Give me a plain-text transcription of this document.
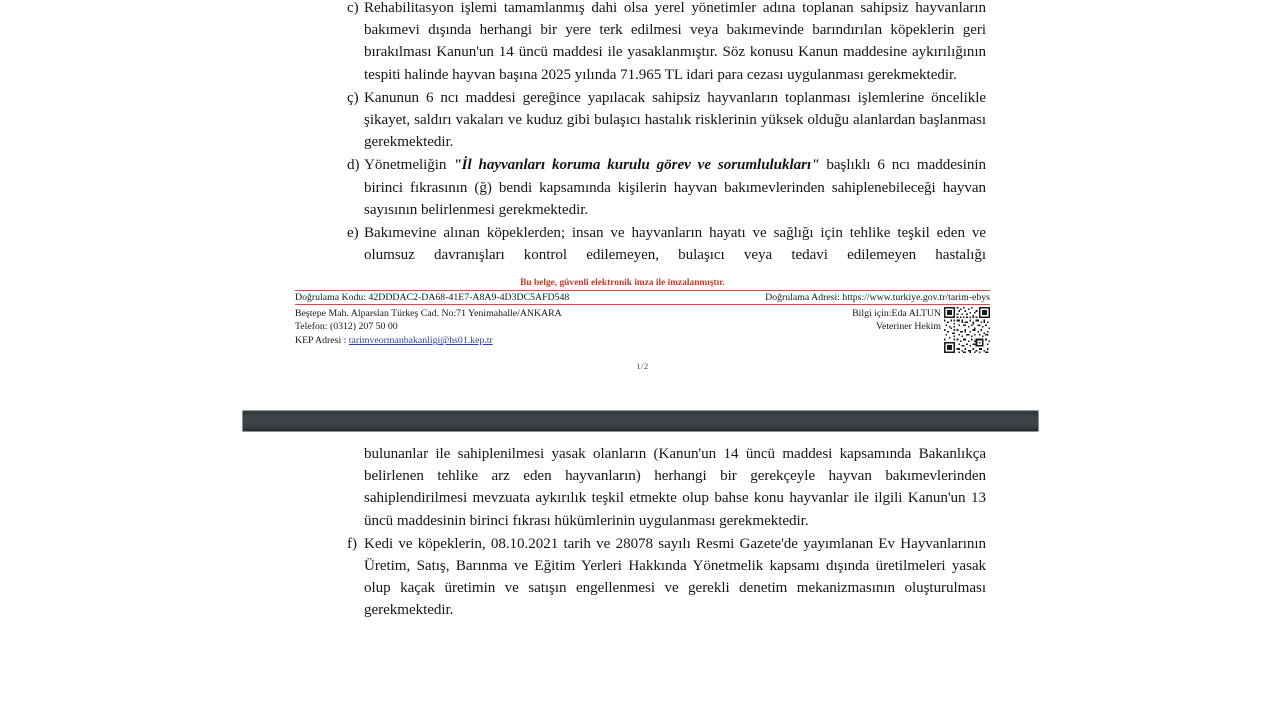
c) Rehabilitasyon işlemi tamamlanmış dahi olsa yerel yönetimler adına toplanan sahipsiz hayvanların bakımevi dışında herhangi bir yere terk edilmesi veya bakımevinde barındırılan köpeklerin geri bırakılması Kanun'un 14 üncü maddesi ile yasaklanmıştır. Söz konusu Kanun maddesine aykırılığının tespiti halinde hayvan başına 2025 yılında 71.965 TL idari para cezası uygulanması gerekmektedir.
ç) Kanunun 6 ncı maddesi gereğince yapılacak sahipsiz hayvanların toplanması işlemlerine öncelikle şikayet, saldırı vakaları ve kuduz gibi bulaşıcı hastalık risklerinin yüksek olduğu alanlardan başlanması gerekmektedir.
d) Yönetmeliğin "İl hayvanları koruma kurulu görev ve sorumlulukları" başlıklı 6 ncı maddesinin birinci fıkrasının (ğ) bendi kapsamında kişilerin hayvan bakımevlerinden sahiplenebileceği hayvan sayısının belirlenmesi gerekmektedir.
e) Bakımevine alınan köpeklerden; insan ve hayvanların hayatı ve sağlığı için tehlike teşkil eden ve olumsuz davranışları kontrol edilemeyen, bulaşıcı veya tedavi edilemeyen hastalığı
Bu belge, güvenli elektronik imza ile imzalanmıştır.
Doğrulama Kodu: 42DDDAC2-DA68-41E7-A8A9-4D3DC5AFD548	Doğrulama Adresi: https://www.turkiye.gov.tr/tarim-ebys
Beştepe Mah. Alparslan Türkeş Cad. No:71 Yenimahalle/ANKARA
Telefon: (0312) 207 50 00
KEP Adresi : tarimveormanbakanligi@hs01.kep.tr
Bilgi için:Eda ALTUN
Veteriner Hekim
1/2
bulunanlar ile sahiplenilmesi yasak olanların (Kanun'un 14 üncü maddesi kapsamında Bakanlıkça belirlenen tehlike arz eden hayvanların) herhangi bir gerekçeyle hayvan bakımevlerinden sahiplendirilmesi mevzuata aykırılık teşkil etmekte olup bahse konu hayvanlar ile ilgili Kanun'un 13 üncü maddesinin birinci fıkrası hükümlerinin uygulanması gerekmektedir.
f) Kedi ve köpeklerin, 08.10.2021 tarih ve 28078 sayılı Resmi Gazete'de yayımlanan Ev Hayvanlarının Üretim, Satış, Barınma ve Eğitim Yerleri Hakkında Yönetmelik kapsamı dışında üretilmeleri yasak olup kaçak üretimin ve satışın engellenmesi ve gerekli denetim mekanizmasının oluşturulması gerekmektedir.
